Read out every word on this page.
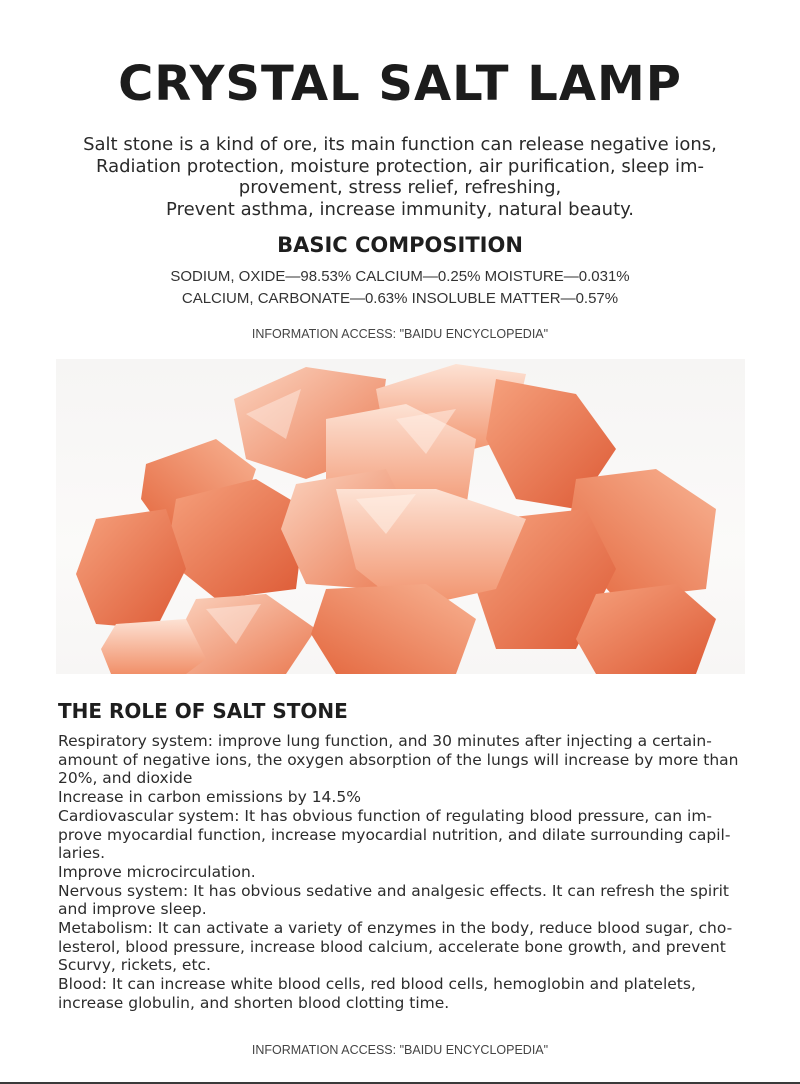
CRYSTAL SALT LAMP
Salt stone is a kind of ore, its main function can release negative ions,
Radiation protection, moisture protection, air purification, sleep im-
provement, stress relief, refreshing,
Prevent asthma, increase immunity, natural beauty.
BASIC COMPOSITION
SODIUM, OXIDE—98.53% CALCIUM—0.25% MOISTURE—0.031%
CALCIUM, CARBONATE—0.63% INSOLUBLE MATTER—0.57%
INFORMATION ACCESS: "BAIDU ENCYCLOPEDIA"
THE ROLE OF SALT STONE
Respiratory system: improve lung function, and 30 minutes after injecting a certain-
amount of negative ions, the oxygen absorption of the lungs will increase by more than
20%, and dioxide
Increase in carbon emissions by 14.5%
Cardiovascular system: It has obvious function of regulating blood pressure, can im-
prove myocardial function, increase myocardial nutrition, and dilate surrounding capil-
laries.
Improve microcirculation.
Nervous system: It has obvious sedative and analgesic effects. It can refresh the spirit
and improve sleep.
Metabolism: It can activate a variety of enzymes in the body, reduce blood sugar, cho-
lesterol, blood pressure, increase blood calcium, accelerate bone growth, and prevent
Scurvy, rickets, etc.
Blood: It can increase white blood cells, red blood cells, hemoglobin and platelets,
increase globulin, and shorten blood clotting time.
INFORMATION ACCESS: "BAIDU ENCYCLOPEDIA"
